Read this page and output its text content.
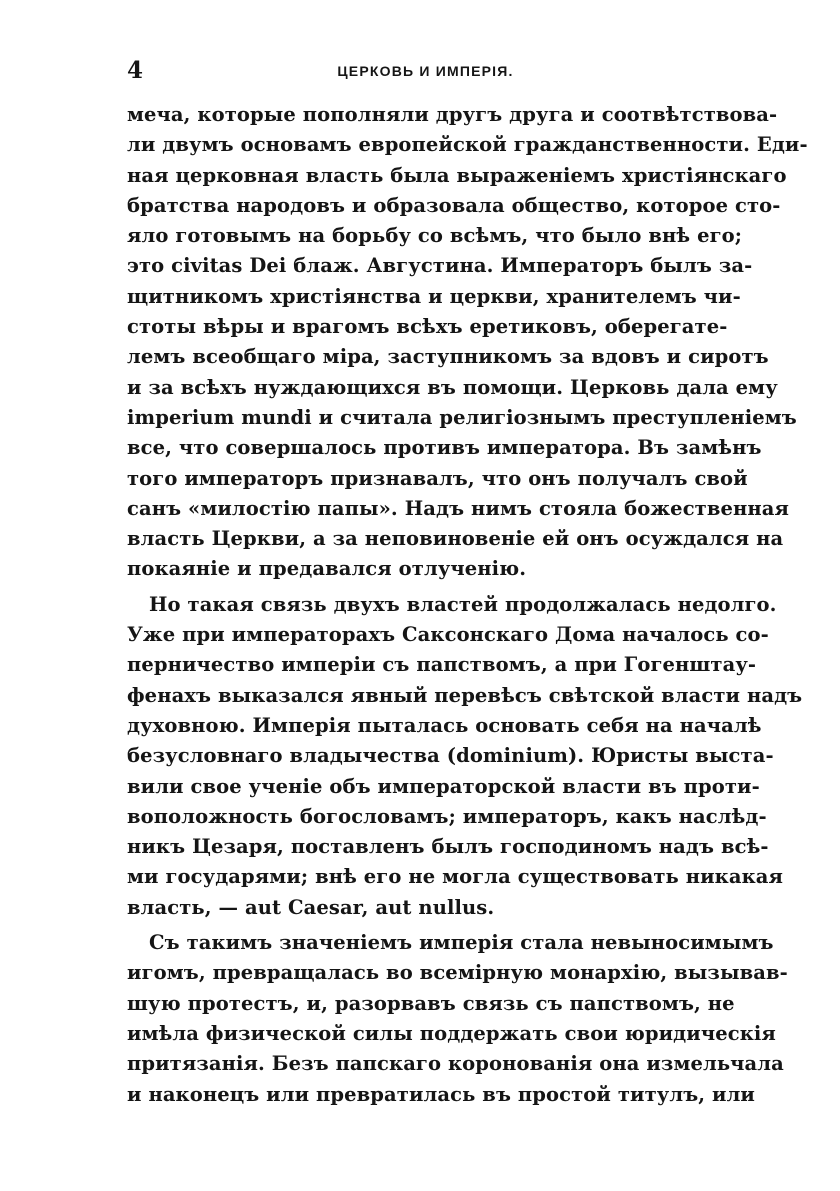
4	ЦЕРКОВЬ И ИМПЕРІЯ.
меча, которые пополняли другъ друга и соотвѣтствова-
ли двумъ основамъ европейской гражданственности. Еди-
ная церковная власть была выраженіемъ христіянскаго
братства народовъ и образовала общество, которое сто-
яло готовымъ на борьбу со всѣмъ, что было внѣ его;
это civitas Dei блаж. Августина. Императоръ былъ за-
щитникомъ христіянства и церкви, хранителемъ чи-
стоты вѣры и врагомъ всѣхъ еретиковъ, оберегате-
лемъ всеобщаго міра, заступникомъ за вдовъ и сиротъ
и за всѣхъ нуждающихся въ помощи. Церковь дала ему
imperium mundi и считала религіознымъ преступленіемъ
все, что совершалось противъ императора. Въ замѣнъ
того императоръ признавалъ, что онъ получалъ свой
санъ «милостію папы». Надъ нимъ стояла божественная
власть Церкви, а за неповиновеніе ей онъ осуждался на
покаяніе и предавался отлученію.
Но такая связь двухъ властей продолжалась недолго.
Уже при императорахъ Саксонскаго Дома началось со-
перничество имперіи съ папствомъ, а при Гогенштау-
фенахъ выказался явный перевѣсъ свѣтской власти надъ
духовною. Имперія пыталась основать себя на началѣ
безусловнаго владычества (dominium). Юристы выста-
вили свое ученіе объ императорской власти въ проти-
воположность богословамъ; императоръ, какъ наслѣд-
никъ Цезаря, поставленъ былъ господиномъ надъ всѣ-
ми государями; внѣ его не могла существовать никакая
власть, — aut Caesar, aut nullus.
Съ такимъ значеніемъ имперія стала невыносимымъ
игомъ, превращалась во всемірную монархію, вызывав-
шую протестъ, и, разорвавъ связь съ папствомъ, не
имѣла физической силы поддержать свои юридическія
притязанія. Безъ папскаго коронованія она измельчала
и наконецъ или превратилась въ простой титулъ, или
